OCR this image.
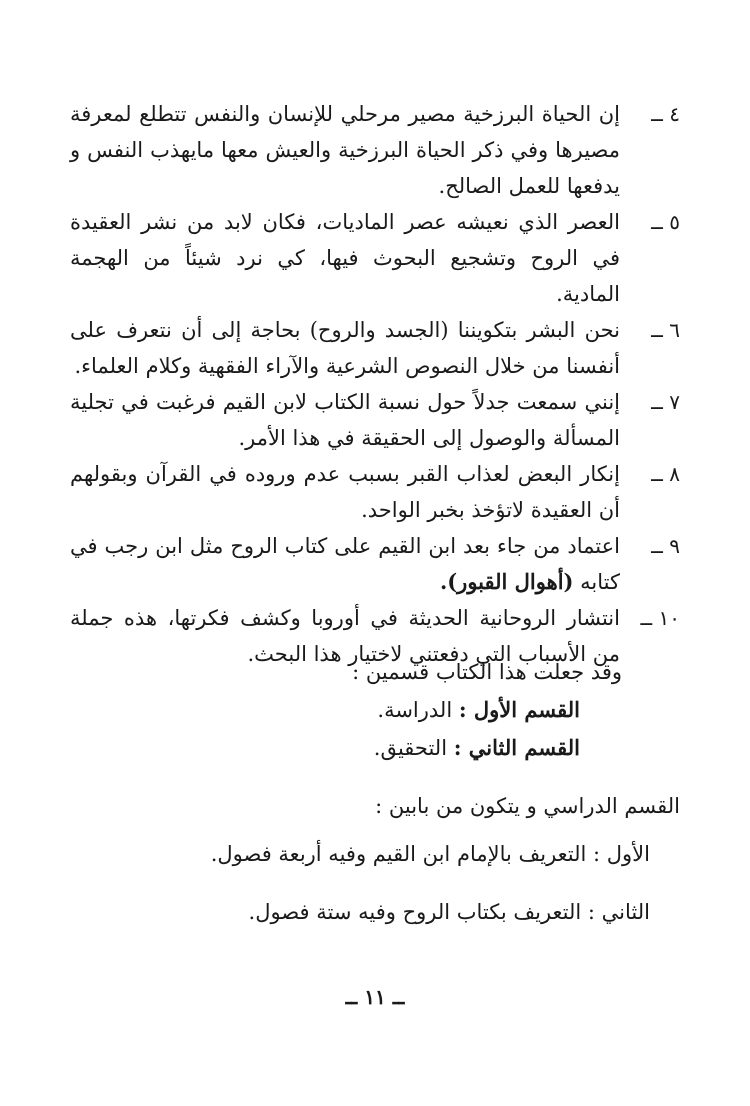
٤ ــ
إن الحياة البرزخية مصير مرحلي للإنسان والنفس تتطلع لمعرفة مصيرها وفي ذكر الحياة البرزخية والعيش معها مايهذب النفس و يدفعها للعمل الصالح.
٥ ــ
العصر الذي نعيشه عصر الماديات، فكان لابد من نشر العقيدة في الروح وتشجيع البحوث فيها، كي نرد شيئاً من الهجمة المادية.
٦ ــ
نحن البشر بتكويننا (الجسد والروح) بحاجة إلى أن نتعرف على أنفسنا من خلال النصوص الشرعية والآراء الفقهية وكلام العلماء.
٧ ــ
إنني سمعت جدلاً حول نسبة الكتاب لابن القيم فرغبت في تجلية المسألة والوصول إلى الحقيقة في هذا الأمر.
٨ ــ
إنكار البعض لعذاب القبر بسبب عدم وروده في القرآن وبقولهم أن العقيدة لاتؤخذ بخبر الواحد.
٩ ــ
اعتماد من جاء بعد ابن القيم على كتاب الروح مثل ابن رجب في كتابه (أهوال القبور).
١٠ ــ
انتشار الروحانية الحديثة في أوروبا وكشف فكرتها، هذه جملة من الأسباب التي دفعتني لاختيار هذا البحث.
وقد جعلت هذا الكتاب قسمين :
القسم الأول : الدراسة.
القسم الثاني : التحقيق.
القسم الدراسي و يتكون من بابين :
الأول : التعريف بالإمام ابن القيم وفيه أربعة فصول.
الثاني : التعريف بكتاب الروح وفيه ستة فصول.
ــ ١١ ــ
